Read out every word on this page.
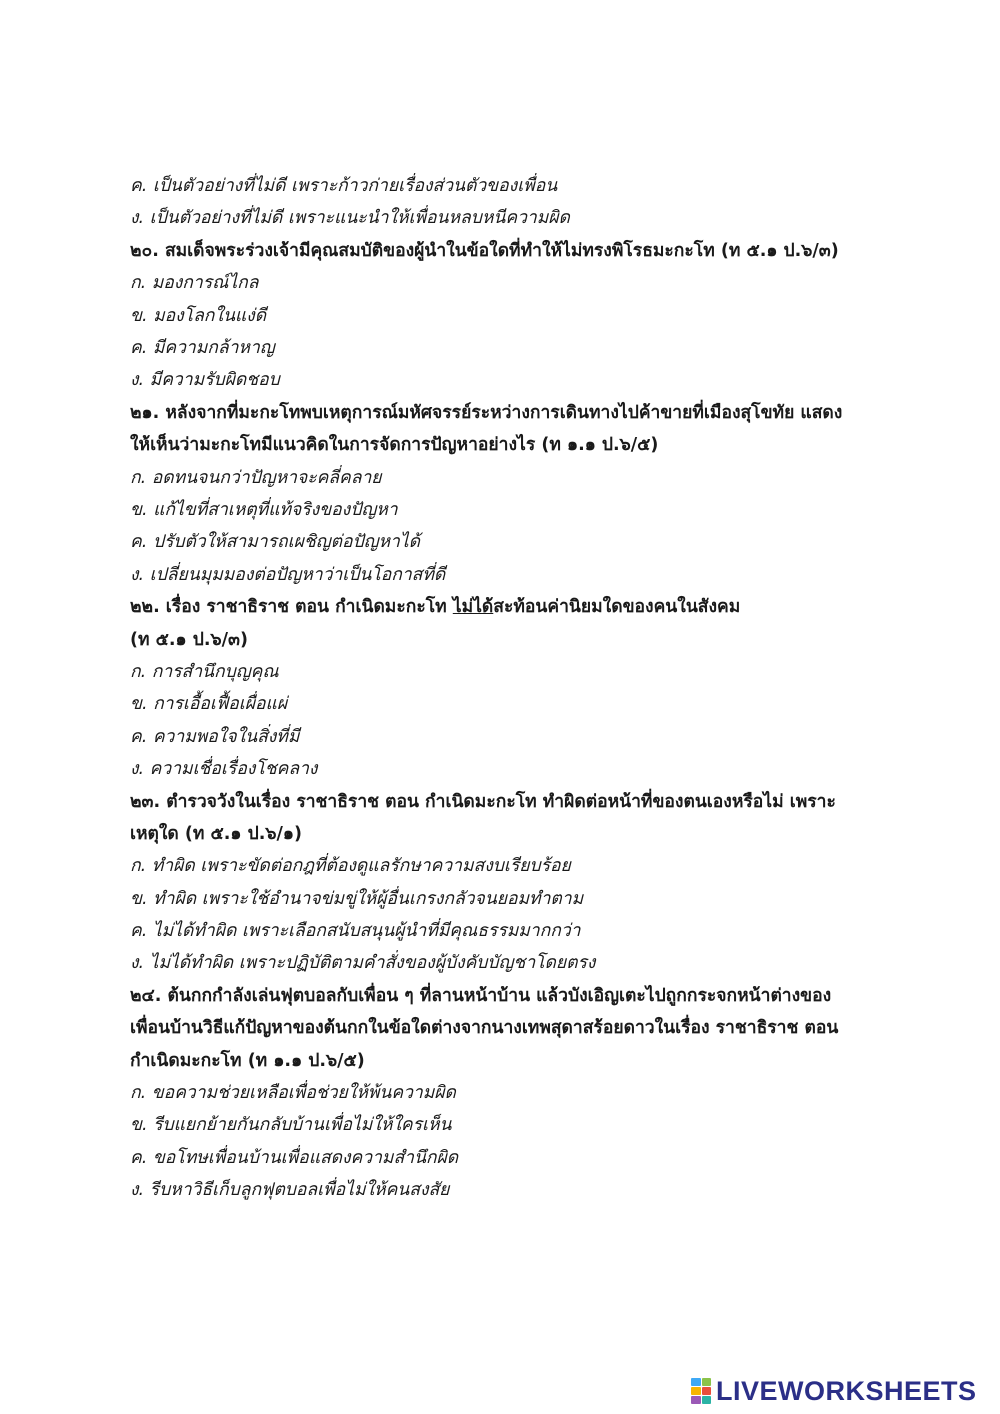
ค. เป็นตัวอย่างที่ไม่ดี เพราะก้าวก่ายเรื่องส่วนตัวของเพื่อน
ง. เป็นตัวอย่างที่ไม่ดี เพราะแนะนำให้เพื่อนหลบหนีความผิด
๒๐. สมเด็จพระร่วงเจ้ามีคุณสมบัติของผู้นำในข้อใดที่ทำให้ไม่ทรงพิโรธมะกะโท (ท ๕.๑ ป.๖/๓)
ก. มองการณ์ไกล
ข. มองโลกในแง่ดี
ค. มีความกล้าหาญ
ง. มีความรับผิดชอบ
๒๑. หลังจากที่มะกะโทพบเหตุการณ์มหัศจรรย์ระหว่างการเดินทางไปค้าขายที่เมืองสุโขทัย แสดง
ให้เห็นว่ามะกะโทมีแนวคิดในการจัดการปัญหาอย่างไร (ท ๑.๑ ป.๖/๕)
ก. อดทนจนกว่าปัญหาจะคลี่คลาย
ข. แก้ไขที่สาเหตุที่แท้จริงของปัญหา
ค. ปรับตัวให้สามารถเผชิญต่อปัญหาได้
ง. เปลี่ยนมุมมองต่อปัญหาว่าเป็นโอกาสที่ดี
๒๒. เรื่อง ราชาธิราช ตอน กำเนิดมะกะโท ไม่ได้สะท้อนค่านิยมใดของคนในสังคม
(ท ๕.๑ ป.๖/๓)
ก. การสำนึกบุญคุณ
ข. การเอื้อเฟื้อเผื่อแผ่
ค. ความพอใจในสิ่งที่มี
ง. ความเชื่อเรื่องโชคลาง
๒๓. ตำรวจวังในเรื่อง ราชาธิราช ตอน กำเนิดมะกะโท ทำผิดต่อหน้าที่ของตนเองหรือไม่ เพราะ
เหตุใด (ท ๕.๑ ป.๖/๑)
ก. ทำผิด เพราะขัดต่อกฎที่ต้องดูแลรักษาความสงบเรียบร้อย
ข. ทำผิด เพราะใช้อำนาจข่มขู่ให้ผู้อื่นเกรงกลัวจนยอมทำตาม
ค. ไม่ได้ทำผิด เพราะเลือกสนับสนุนผู้นำที่มีคุณธรรมมากกว่า
ง. ไม่ได้ทำผิด เพราะปฏิบัติตามคำสั่งของผู้บังคับบัญชาโดยตรง
๒๔. ต้นกกกำลังเล่นฟุตบอลกับเพื่อน ๆ ที่ลานหน้าบ้าน แล้วบังเอิญเตะไปถูกกระจกหน้าต่างของ
เพื่อนบ้านวิธีแก้ปัญหาของต้นกกในข้อใดต่างจากนางเทพสุดาสร้อยดาวในเรื่อง ราชาธิราช ตอน
กำเนิดมะกะโท (ท ๑.๑ ป.๖/๕)
ก. ขอความช่วยเหลือเพื่อช่วยให้พ้นความผิด
ข. รีบแยกย้ายกันกลับบ้านเพื่อไม่ให้ใครเห็น
ค. ขอโทษเพื่อนบ้านเพื่อแสดงความสำนึกผิด
ง. รีบหาวิธีเก็บลูกฟุตบอลเพื่อไม่ให้คนสงสัย
LIVEWORKSHEETS
